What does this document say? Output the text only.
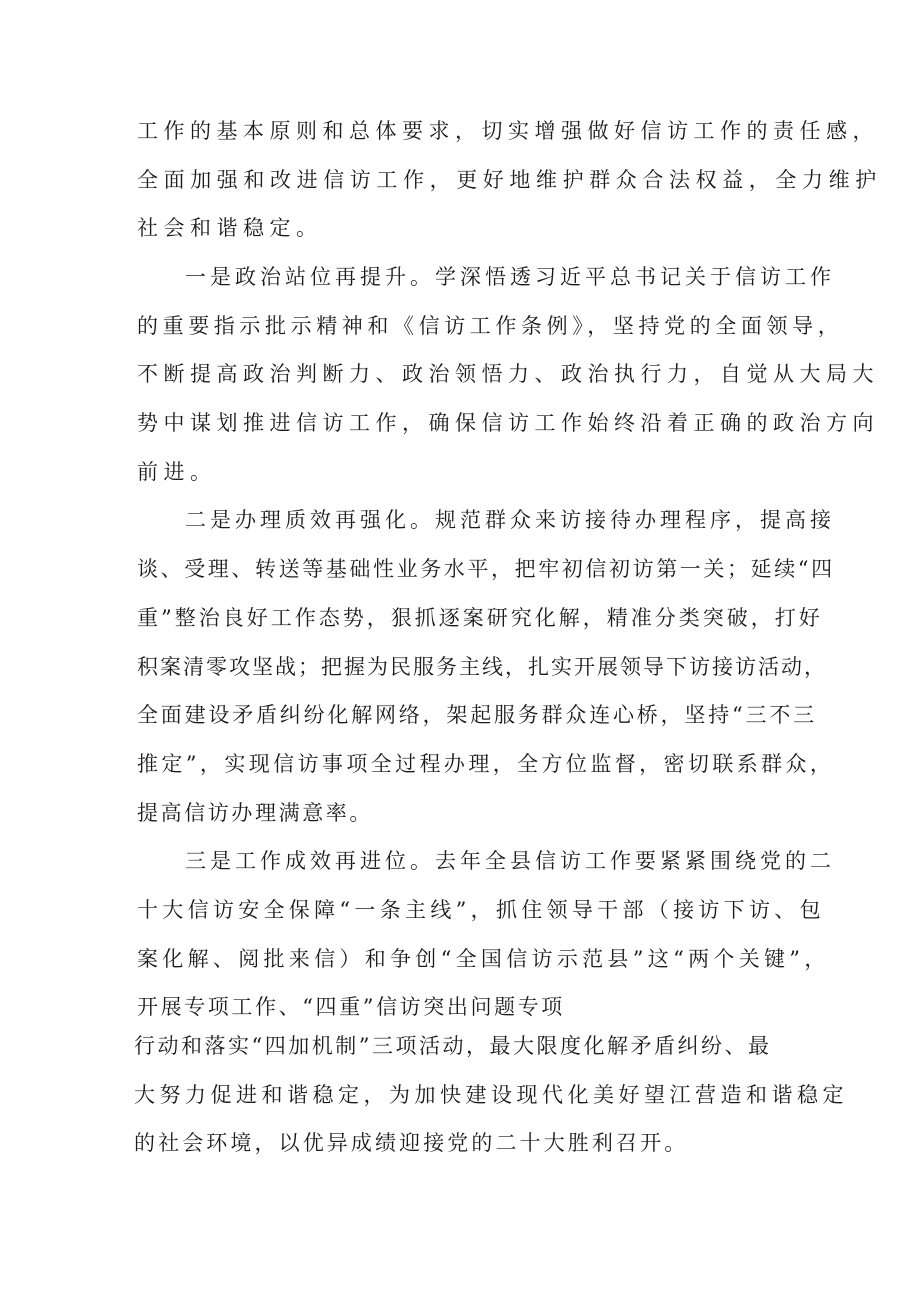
工作的基本原则和总体要求，切实增强做好信访工作的责任感，

全面加强和改进信访工作，更好地维护群众合法权益，全力维护

社会和谐稳定。

一是政治站位再提升。学深悟透习近平总书记关于信访工作

的重要指示批示精神和《信访工作条例》，坚持党的全面领导，

不断提高政治判断力、政治领悟力、政治执行力，自觉从大局大

势中谋划推进信访工作，确保信访工作始终沿着正确的政治方向

前进。

二是办理质效再强化。规范群众来访接待办理程序，提高接

谈、受理、转送等基础性业务水平，把牢初信初访第一关；延续“四

重”整治良好工作态势，狠抓逐案研究化解，精准分类突破，打好

积案清零攻坚战；把握为民服务主线，扎实开展领导下访接访活动，

全面建设矛盾纠纷化解网络，架起服务群众连心桥，坚持“三不三

推定”，实现信访事项全过程办理，全方位监督，密切联系群众，

提高信访办理满意率。

三是工作成效再进位。去年全县信访工作要紧紧围绕党的二

十大信访安全保障“一条主线”，抓住领导干部（接访下访、包

案化解、阅批来信）和争创“全国信访示范县”这“两个关键”，

开展专项工作、“四重”信访突出问题专项

行动和落实“四加机制”三项活动，最大限度化解矛盾纠纷、最

大努力促进和谐稳定，为加快建设现代化美好望江营造和谐稳定

的社会环境，以优异成绩迎接党的二十大胜利召开。
